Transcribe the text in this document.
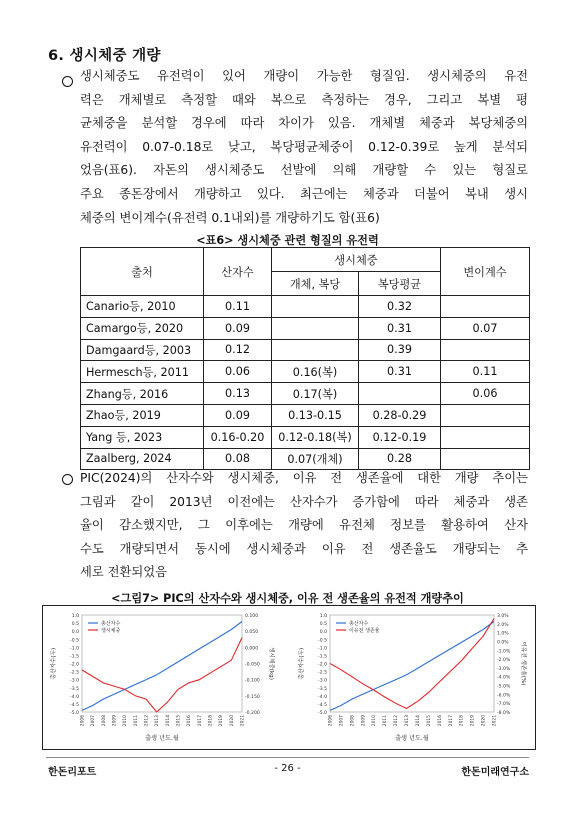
6. 생시체중 개량
생시체중도 유전력이 있어 개량이 가능한 형질임. 생시체중의 유전
력은 개체별로 측정할 때와 복으로 측정하는 경우, 그리고 복별 평
균체중을 분석할 경우에 따라 차이가 있음. 개체별 체중과 복당체중의
유전력이 0.07-0.18로 낮고, 복당평균체중이 0.12-0.39로 높게 분석되
었음(표6). 자돈의 생시체중도 선발에 의해 개량할 수 있는 형질로
주요 종돈장에서 개량하고 있다. 최근에는 체중과 더불어 복내 생시
체중의 변이계수(유전력 0.1내외)를 개량하기도 함(표6)
<표6> 생시체중 관련 형질의 유전력
출처	산자수	생시체중		변이계수
		개체, 복당	복당평균	
Canario등, 2010	0.11		0.32	
Camargo등, 2020	0.09		0.31	0.07
Damgaard등, 2003	0.12		0.39	
Hermesch등, 2011	0.06	0.16(복)	0.31	0.11
Zhang등, 2016	0.13	0.17(복)		0.06
Zhao등, 2019	0.09	0.13-0.15	0.28-0.29	
Yang 등, 2023	0.16-0.20	0.12-0.18(복)	0.12-0.19	
Zaalberg, 2024	0.08	0.07(개체)	0.28	
PIC(2024)의 산자수와 생시체중, 이유 전 생존율에 대한 개량 추이는
그림과 같이 2013년 이전에는 산자수가 증가함에 따라 체중과 생존
율이 감소했지만, 그 이후에는 개량에 유전체 정보를 활용하여 산자
수도 개량되면서 동시에 생시체중과 이유 전 생존율도 개량되는 추
세로 전환되었음
<그림7> PIC의 산자수와 생시체중, 이유 전 생존율의 유전적 개량추이
1.0
0.5
0.0
-0.5
-1.0
-1.5
-2.0
-2.5
-3.0
-3.5
-4.0
-4.5
-5.0
0.100
0.050
0.000
-0.050
-0.100
-0.150
-0.200
2006 2007 2008 2009 2010 2011 2012 2013 2014 2015 2016 2017 2018 2019 2020 2021
출생 년도.월
총산자수(두)	생시체중(kg)
총산자수
생시체중
1.0
0.5
0.0
-0.5
-1.0
-1.5
-2.0
-2.5
-3.0
-3.5
-4.0
-4.5
-5.0
3.0%
2.0%
1.0%
0.0%
-1.0%
-2.0%
-3.0%
-4.0%
-5.0%
-6.0%
-7.0%
-8.0%
2006 2007 2008 2009 2010 2011 2012 2013 2014 2015 2016 2017 2018 2019 2020 2021
출생 년도.월
총산자수(두)	이유전 생존율(%)
총산자수
이유전 생존율
한돈리포트	- 26 -	한돈미래연구소
